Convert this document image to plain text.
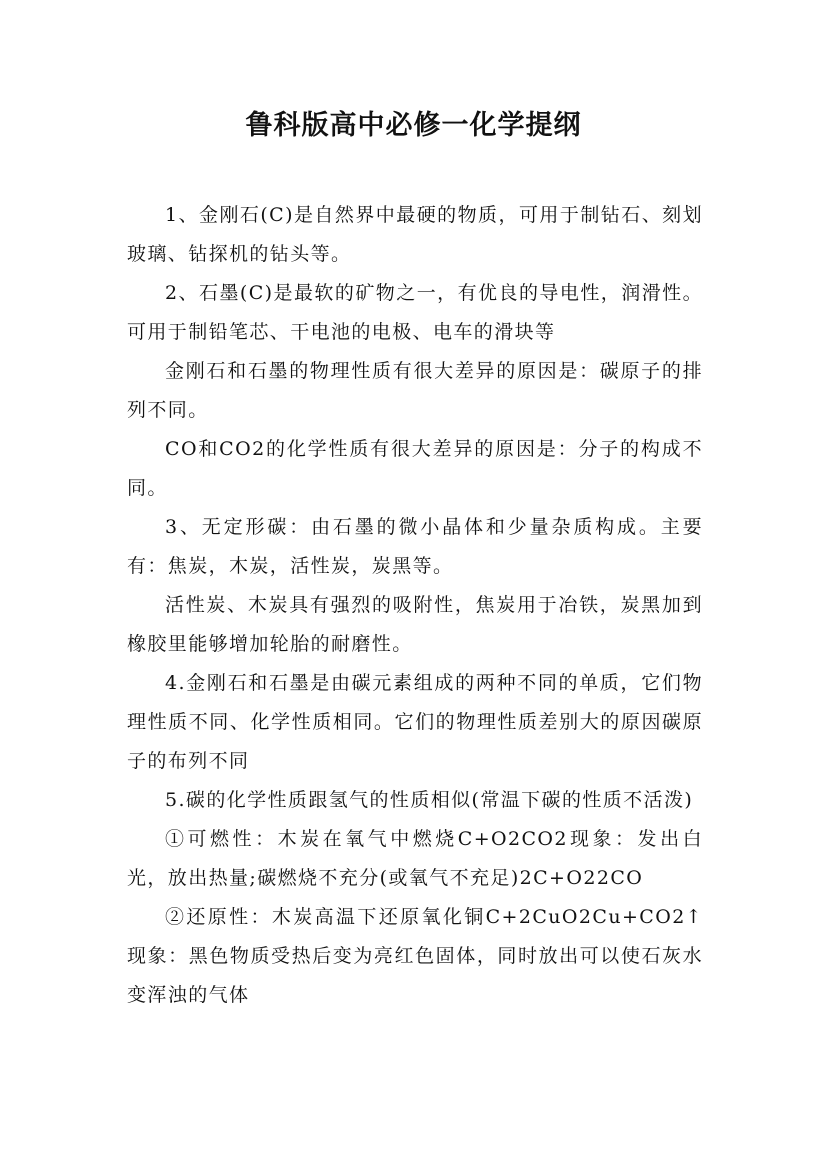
鲁科版高中必修一化学提纲

1、金刚石(C)是自然界中最硬的物质，可用于制钻石、刻划玻璃、钻探机的钻头等。

2、石墨(C)是最软的矿物之一，有优良的导电性，润滑性。可用于制铅笔芯、干电池的电极、电车的滑块等

金刚石和石墨的物理性质有很大差异的原因是：碳原子的排列不同。

CO和CO2的化学性质有很大差异的原因是：分子的构成不同。

3、无定形碳：由石墨的微小晶体和少量杂质构成。主要有：焦炭，木炭，活性炭，炭黑等。

活性炭、木炭具有强烈的吸附性，焦炭用于冶铁，炭黑加到橡胶里能够增加轮胎的耐磨性。

4.金刚石和石墨是由碳元素组成的两种不同的单质，它们物理性质不同、化学性质相同。它们的物理性质差别大的原因碳原子的布列不同

5.碳的化学性质跟氢气的性质相似(常温下碳的性质不活泼)

①可燃性：木炭在氧气中燃烧C+O2CO2现象：发出白光，放出热量;碳燃烧不充分(或氧气不充足)2C+O22CO

②还原性：木炭高温下还原氧化铜C+2CuO2Cu+CO2↑现象：黑色物质受热后变为亮红色固体，同时放出可以使石灰水变浑浊的气体
